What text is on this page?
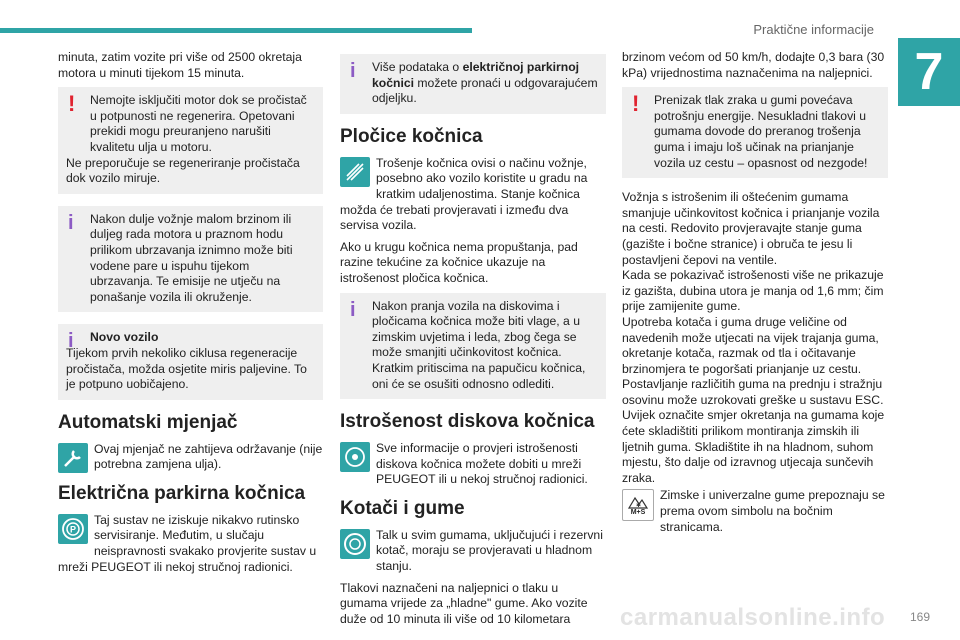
Praktične informacije
7

minuta, zatim vozite pri više od 2500 okretaja motora u minuti tijekom 15 minuta.

!	Nemojte isključiti motor dok se pročistač u potpunosti ne regenerira. Opetovani prekidi mogu preuranjeno narušiti kvalitetu ulja u motoru.
Ne preporučuje se regeneriranje pročistača dok vozilo miruje.
i	Nakon dulje vožnje malom brzinom ili duljeg rada motora u praznom hodu prilikom ubrzavanja iznimno može biti vodene pare u ispuhu tijekom ubrzavanja. Te emisije ne utječu na ponašanje vozila ili okruženje.
i	Novo vozilo
Tijekom prvih nekoliko ciklusa regeneracije pročistača, možda osjetite miris paljevine. To je potpuno uobičajeno.
Automatski mjenjač
Ovaj mjenjač ne zahtijeva održavanje (nije potrebna zamjena ulja).
Električna parkirna kočnica
P
Taj sustav ne iziskuje nikakvo rutinsko servisiranje. Međutim, u slučaju neispravnosti svakako provjerite sustav u mreži PEUGEOT ili nekoj stručnoj radionici.
i	Više podataka o električnoj parkirnoj kočnici možete pronaći u odgovarajućem odjeljku.
Pločice kočnica
Trošenje kočnica ovisi o načinu vožnje, posebno ako vozilo koristite u gradu na kratkim udaljenostima. Stanje kočnica možda će trebati provjeravati i između dva servisa vozila.

Ako u krugu kočnica nema propuštanja, pad razine tekućine za kočnice ukazuje na istrošenost pločica kočnica.

i	Nakon pranja vozila na diskovima i pločicama kočnica može biti vlage, a u zimskim uvjetima i leda, zbog čega se može smanjiti učinkovitost kočnica. Kratkim pritiscima na papučicu kočnica, oni će se osušiti odnosno odlediti.
Istrošenost diskova kočnica
Sve informacije o provjeri istrošenosti diskova kočnica možete dobiti u mreži PEUGEOT ili u nekoj stručnoj radionici.
Kotači i gume
Talk u svim gumama, uključujući i rezervni kotač, moraju se provjeravati u hladnom stanju.

Tlakovi naznačeni na naljepnici o tlaku u gumama vrijede za „hladne" gume. Ako vozite duže od 10 minuta ili više od 10 kilometara

brzinom većom od 50 km/h, dodajte 0,3 bara (30 kPa) vrijednostima naznačenima na naljepnici.

!	Prenizak tlak zraka u gumi povećava potrošnju energije. Nesukladni tlakovi u gumama dovode do preranog trošenja guma i imaju loš učinak na prianjanje vozila uz cestu – opasnost od nezgode!

Vožnja s istrošenim ili oštećenim gumama smanjuje učinkovitost kočnica i prianjanje vozila na cesti. Redovito provjeravajte stanje guma (gazište i bočne stranice) i obruča te jesu li postavljeni čepovi na ventile.

Kada se pokazivač istrošenosti više ne prikazuje iz gazišta, dubina utora je manja od 1,6 mm; čim prije zamijenite gume.

Upotreba kotača i guma druge veličine od navedenih može utjecati na vijek trajanja guma, okretanje kotača, razmak od tla i očitavanje brzinomjera te pogoršati prianjanje uz cestu.

Postavljanje različitih guma na prednju i stražnju osovinu može uzrokovati greške u sustavu ESC.

Uvijek označite smjer okretanja na gumama koje ćete skladištiti prilikom montiranja zimskih ili ljetnih guma. Skladištite ih na hladnom, suhom mjestu, što dalje od izravnog utjecaja sunčevih zraka.

✱
M+S
Zimske i univerzalne gume prepoznaju se prema ovom simbolu na bočnim stranicama.
carmanualsonline.info 169
